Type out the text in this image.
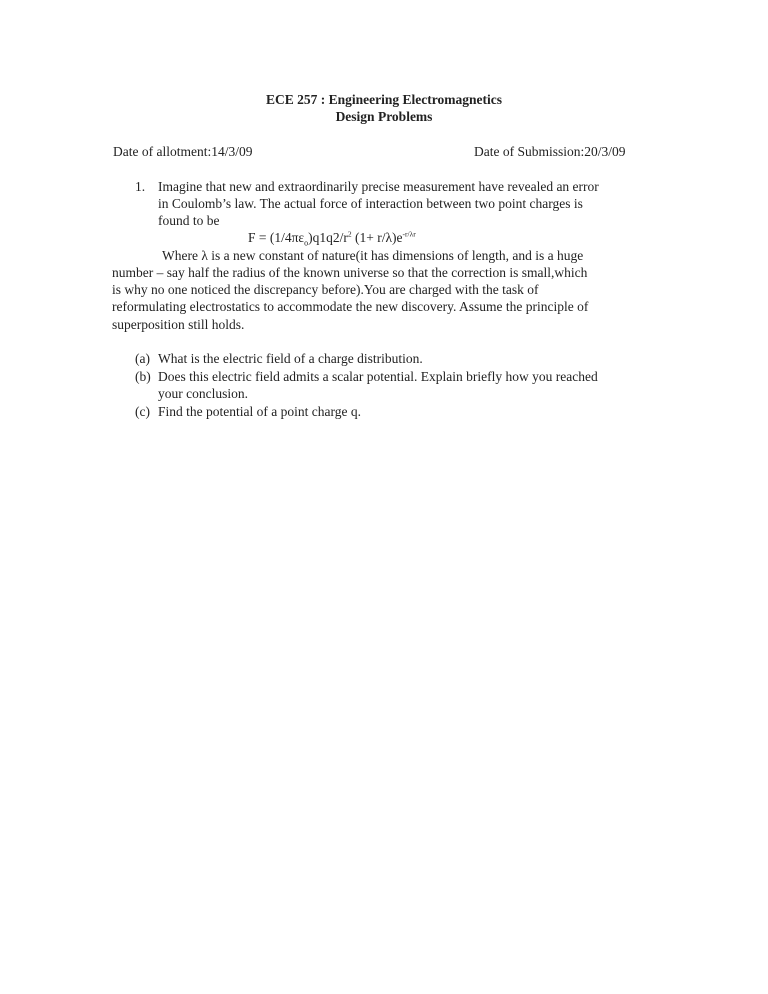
ECE 257 : Engineering Electromagnetics
Design Problems
Date of allotment:14/3/09	Date of Submission:20/3/09
1. Imagine that new and extraordinarily precise measurement have revealed an error
in Coulomb’s law. The actual force of interaction between two point charges is
found to be
$F = (1/4\pi\varepsilon_o)q1q2/r^2$ $(1+ r/\lambda)e^{-r/\lambda r}$
Where λ is a new constant of nature(it has dimensions of length, and is a huge
number – say half the radius of the known universe so that the correction is small,which
is why no one noticed the discrepancy before).You are charged with the task of
reformulating electrostatics to accommodate the new discovery. Assume the principle of
superposition still holds.
(a) What is the electric field of a charge distribution.
(b) Does this electric field admits a scalar potential. Explain briefly how you reached
your conclusion.
(c) Find the potential of a point charge q.
